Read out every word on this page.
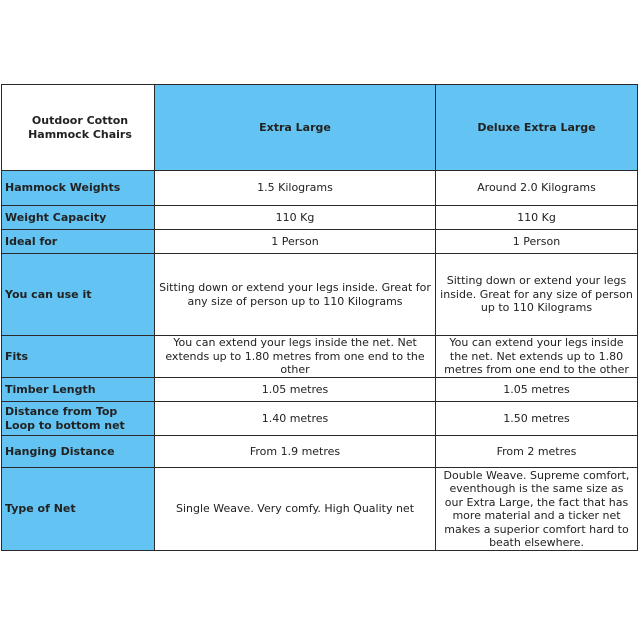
Outdoor Cotton Hammock Chairs	Extra Large	Deluxe Extra Large
Hammock Weights	1.5 Kilograms	Around 2.0 Kilograms
Weight Capacity	110 Kg	110 Kg
Ideal for	1 Person	1 Person
You can use it	Sitting down or extend your legs inside. Great for any size of person up to 110 Kilograms	Sitting down or extend your legs inside. Great for any size of person up to 110 Kilograms
Fits	You can extend your legs inside the net. Net extends up to 1.80 metres from one end to the other	You can extend your legs inside the net. Net extends up to 1.80 metres from one end to the other
Timber Length	1.05 metres	1.05 metres
Distance from Top Loop to bottom net	1.40 metres	1.50 metres
Hanging Distance	From 1.9 metres	From 2 metres
Type of Net	Single Weave. Very comfy. High Quality net	Double Weave. Supreme comfort, eventhough is the same size as our Extra Large, the fact that has more material and a ticker net makes a superior comfort hard to beath elsewhere.
